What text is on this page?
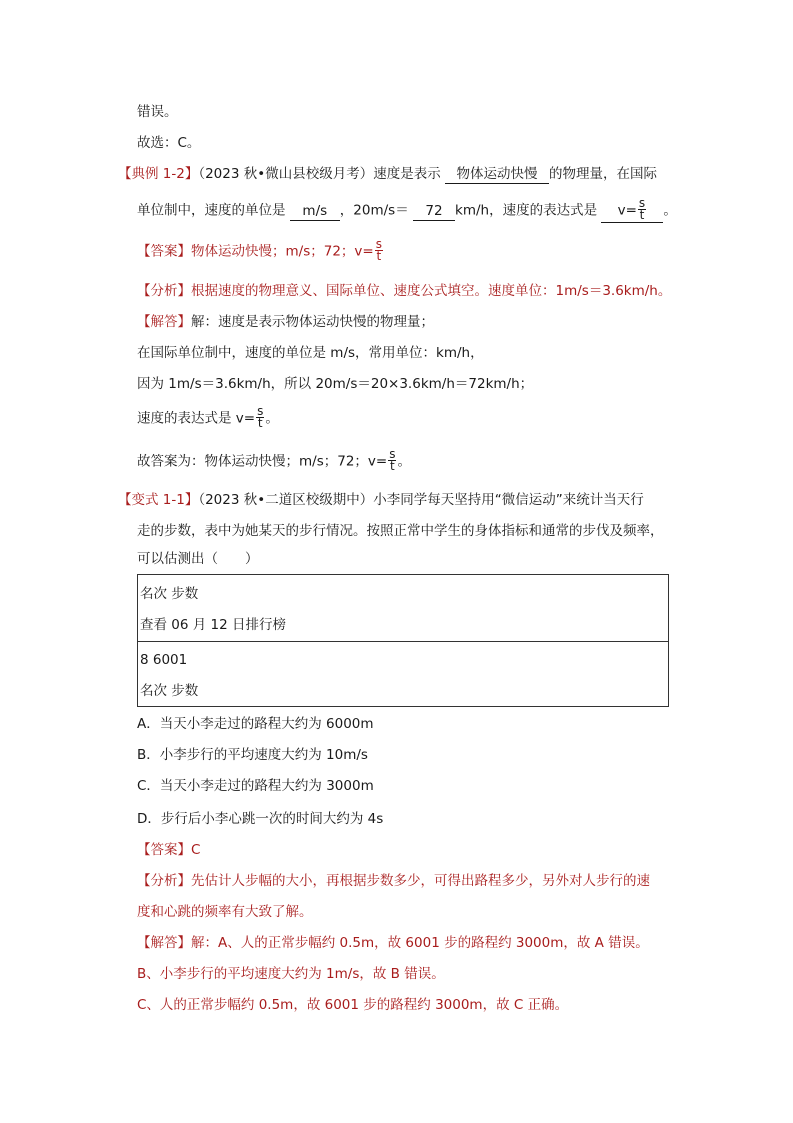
错误。
故选：C。
【典例 1-2】（2023 秋•微山县校级月考）速度是表示 物体运动快慢 的物理量，在国际
单位制中，速度的单位是 m/s ，20m/s＝ 72 km/h，速度的表达式是 $v= \frac{s}{t}$ 。
【答案】物体运动快慢；m/s；72；$v= \frac{s}{t}$
【分析】根据速度的物理意义、国际单位、速度公式填空。速度单位：1m/s＝3.6km/h。
【解答】解：速度是表示物体运动快慢的物理量；
在国际单位制中，速度的单位是 m/s，常用单位：km/h，
因为 1m/s＝3.6km/h，所以 20m/s＝20×3.6km/h＝72km/h；
速度的表达式是 $v= \frac{s}{t}$ 。
故答案为：物体运动快慢；m/s；72；$v= \frac{s}{t}$ 。
【变式 1-1】（2023 秋•二道区校级期中）小李同学每天坚持用“微信运动”来统计当天行
走的步数，表中为她某天的步行情况。按照正常中学生的身体指标和通常的步伐及频率，
可以估测出（　　）
名次 步数
查看 06 月 12 日排行榜
8 6001
名次 步数
A．当天小李走过的路程大约为 6000m
B．小李步行的平均速度大约为 10m/s
C．当天小李走过的路程大约为 3000m
D．步行后小李心跳一次的时间大约为 4s
【答案】C
【分析】先估计人步幅的大小，再根据步数多少，可得出路程多少，另外对人步行的速
度和心跳的频率有大致了解。
【解答】解：A、人的正常步幅约 0.5m，故 6001 步的路程约 3000m，故 A 错误。
B、小李步行的平均速度大约为 1m/s，故 B 错误。
C、人的正常步幅约 0.5m，故 6001 步的路程约 3000m，故 C 正确。
